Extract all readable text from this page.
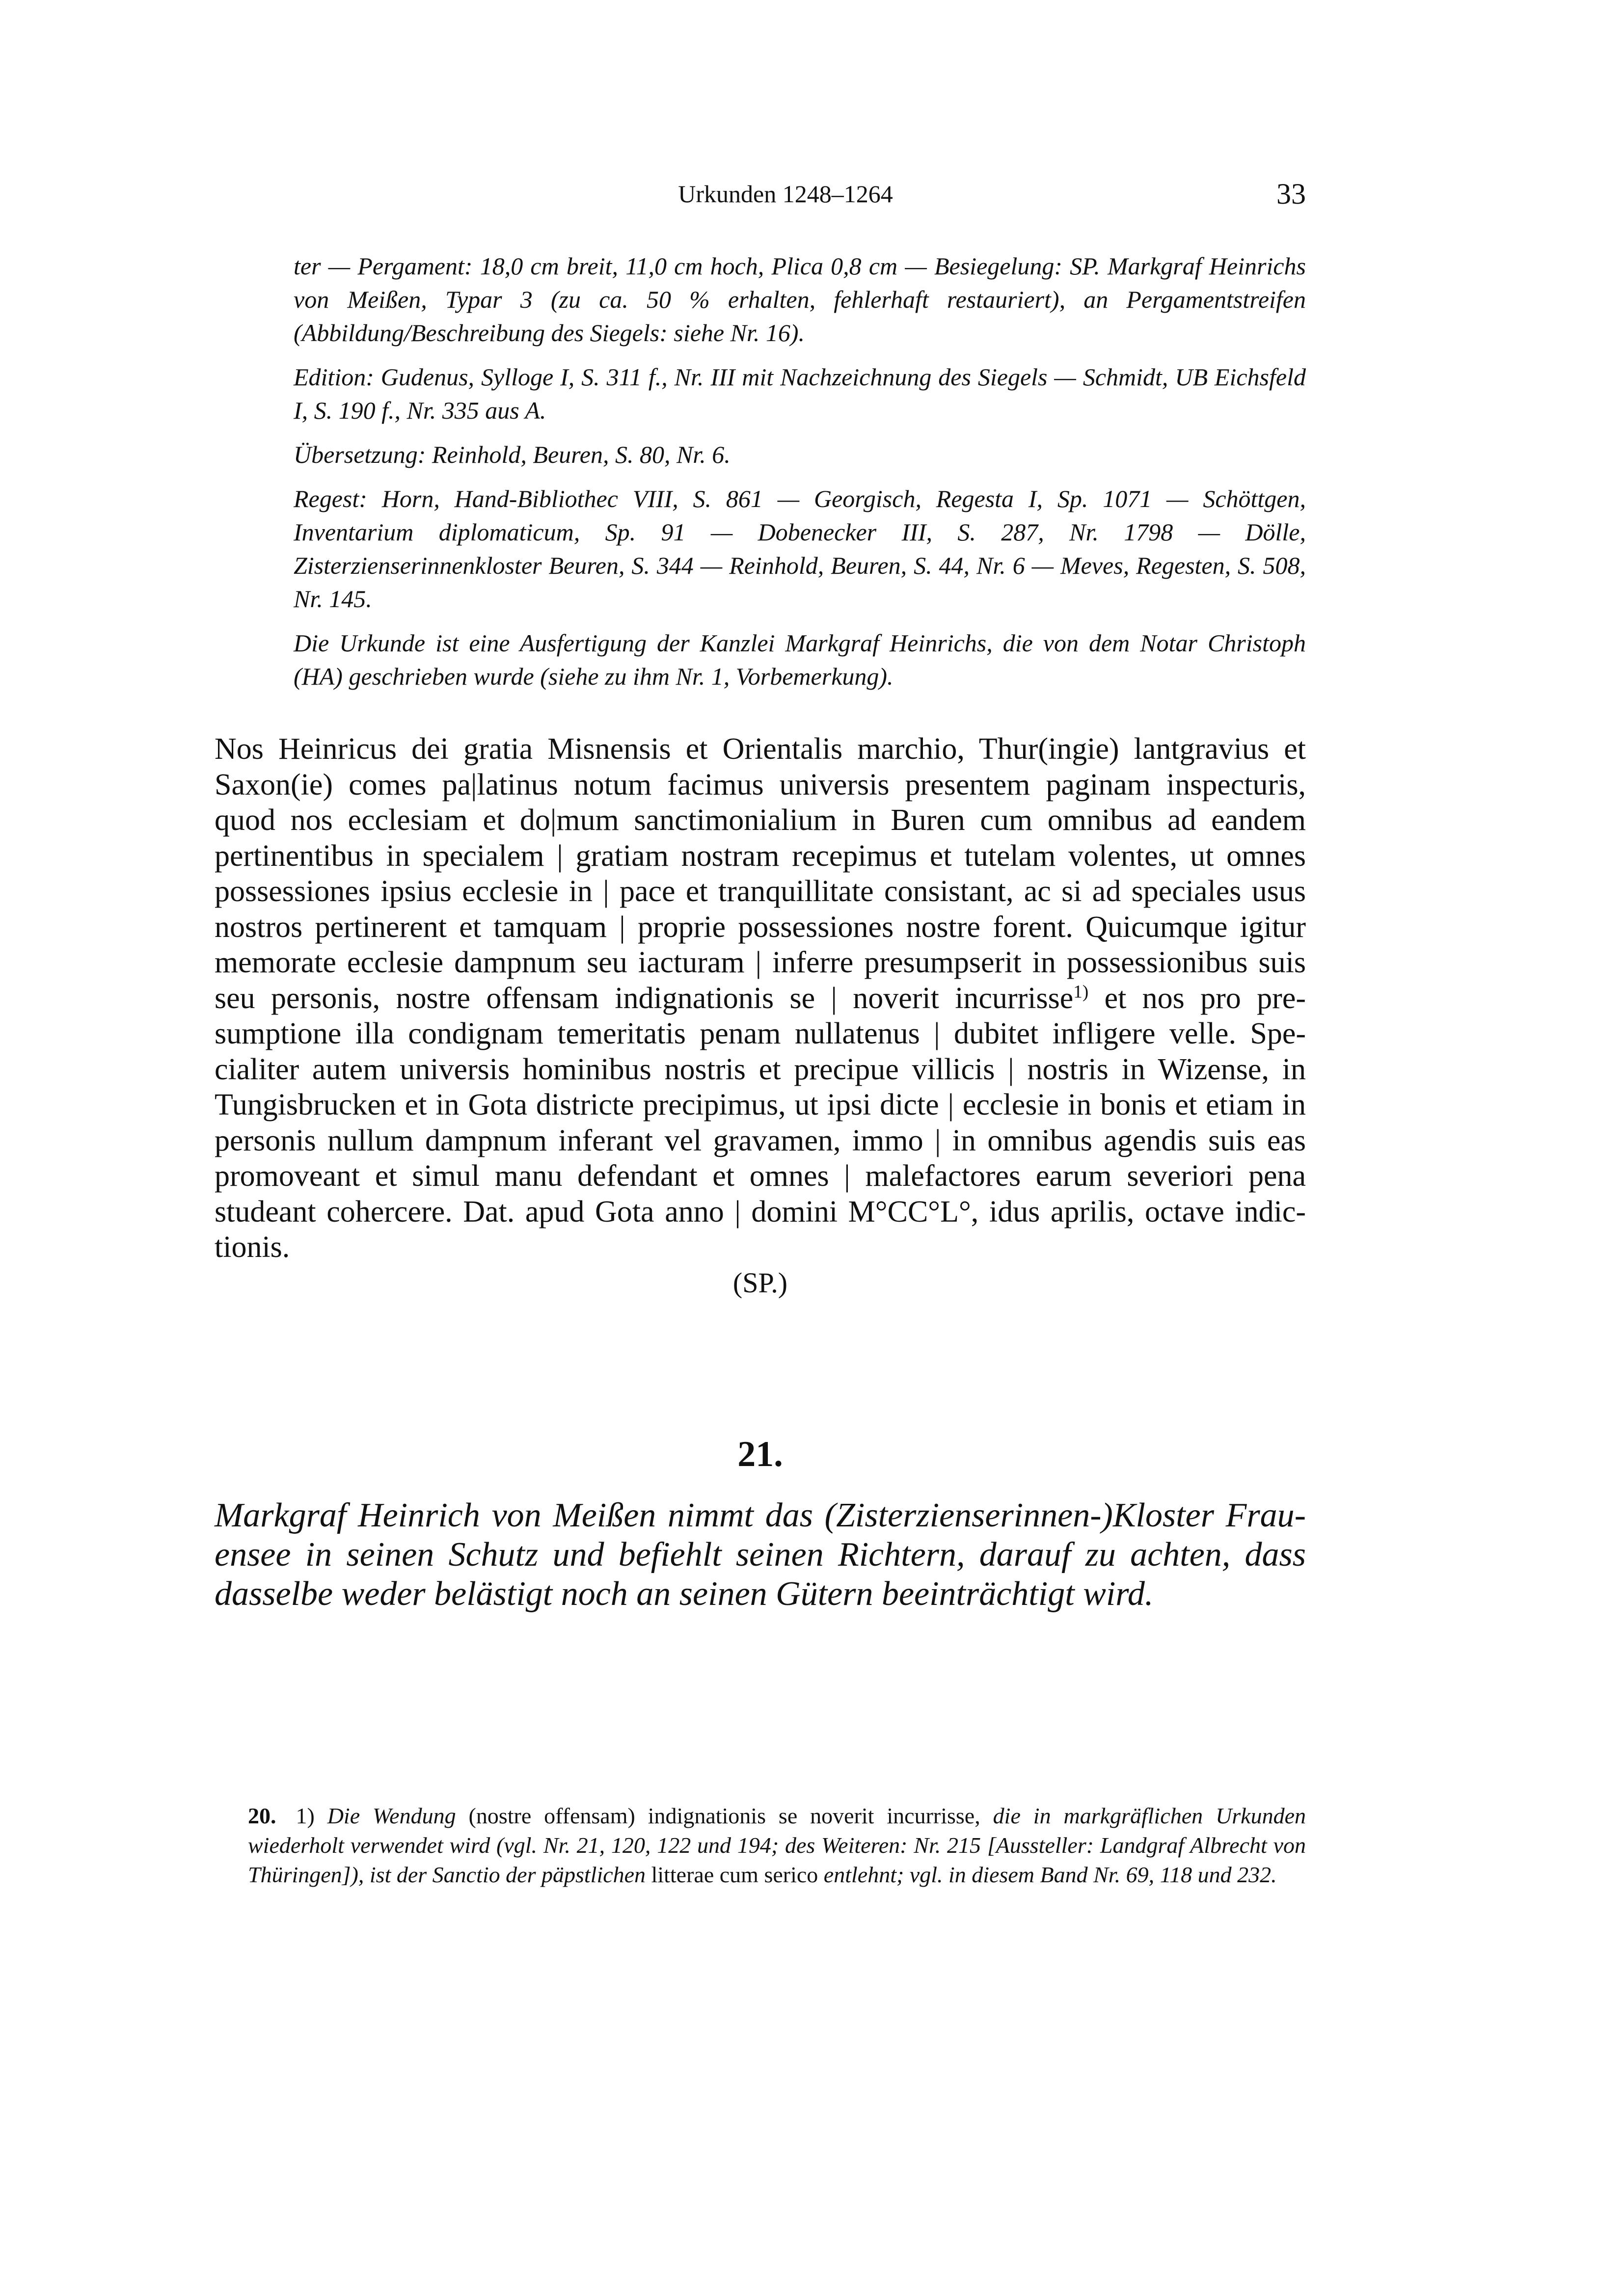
Urkunden 1248–1264	33

ter — Pergament: 18,0 cm breit, 11,0 cm hoch, Plica 0,8 cm — Besiegelung: SP. Markgraf Heinrichs von Meißen, Typar 3 (zu ca. 50 % erhalten, fehlerhaft restauriert), an Pergamentstreifen (Abbildung/Beschreibung des Siegels: siehe Nr. 16).

Edition: Gudenus, Sylloge I, S. 311 f., Nr. III mit Nachzeichnung des Siegels — Schmidt, UB Eichsfeld I, S. 190 f., Nr. 335 aus A.

Übersetzung: Reinhold, Beuren, S. 80, Nr. 6.

Regest: Horn, Hand-Bibliothec VIII, S. 861 — Georgisch, Regesta I, Sp. 1071 — Schöttgen, Inventarium diplomaticum, Sp. 91 — Dobenecker III, S. 287, Nr. 1798 — Dölle, Zisterzienserinnenkloster Beuren, S. 344 — Reinhold, Beuren, S. 44, Nr. 6 — Meves, Regesten, S. 508, Nr. 145.

Die Urkunde ist eine Ausfertigung der Kanzlei Markgraf Heinrichs, die von dem Notar Christoph (HA) geschrieben wurde (siehe zu ihm Nr. 1, Vorbemerkung).

Nos Heinricus dei gratia Misnensis et Orientalis marchio, Thur(ingie) lantgravius et Saxon(ie) comes pa|latinus notum facimus universis presentem paginam inspecturis, quod nos ecclesiam et do|mum sanctimonialium in Buren cum omnibus ad eandem pertinentibus in specialem | gratiam nostram recepimus et tutelam volentes, ut omnes possessiones ipsius ecclesie in | pace et tranquillitate consistant, ac si ad speciales usus nostros pertinerent et tamquam | proprie possessiones nostre forent. Quicumque igitur memorate ecclesie dampnum seu iacturam | inferre presumpserit in possessionibus suis seu personis, nostre offensam indignationis se | noverit incurrisse$^{1)}$ et nos pro presumptione illa condignam temeritatis penam nullatenus | dubitet infligere velle. Specialiter autem universis hominibus nostris et precipue villicis | nostris in Wizense, in Tungisbrucken et in Gota districte precipimus, ut ipsi dicte | ecclesie in bonis et etiam in personis nullum dampnum inferant vel gravamen, immo | in omnibus agendis suis eas promoveant et simul manu defendant et omnes | malefactores earum severiori pena studeant cohercere. Dat. apud Gota anno | domini M°CC°L°, idus aprilis, octave indictionis.

(SP.)
21.

Markgraf Heinrich von Meißen nimmt das (Zisterzienserinnen-)Kloster Frauensee in seinen Schutz und befiehlt seinen Richtern, darauf zu achten, dass dasselbe weder belästigt noch an seinen Gütern beeinträchtigt wird.

20. 1) Die Wendung (nostre offensam) indignationis se noverit incurrisse, die in markgräflichen Urkunden wiederholt verwendet wird (vgl. Nr. 21, 120, 122 und 194; des Weiteren: Nr. 215 [Aussteller: Landgraf Albrecht von Thüringen]), ist der Sanctio der päpstlichen litterae cum serico entlehnt; vgl. in diesem Band Nr. 69, 118 und 232.
